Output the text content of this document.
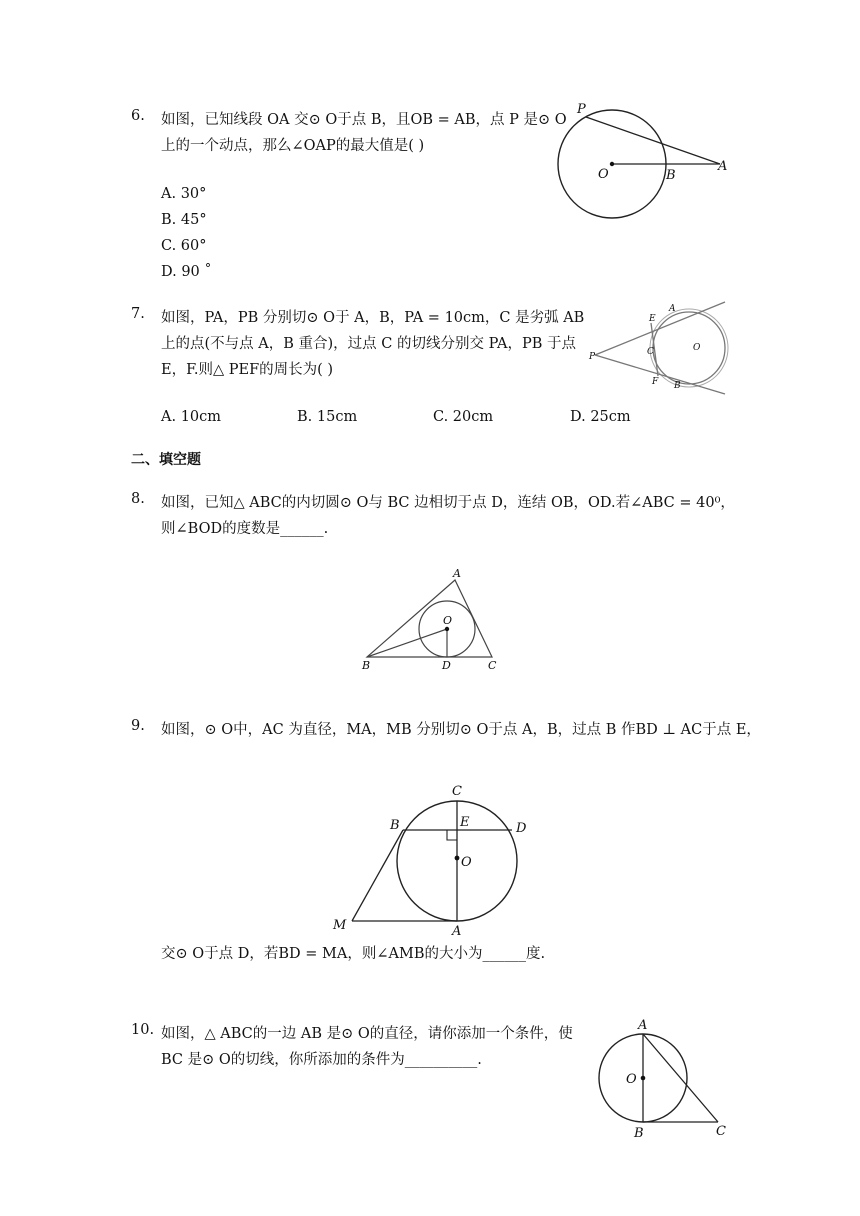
6. 如图，已知线段 OA 交⊙ O于点 B，且OB = AB，点 P 是⊙ O
上的一个动点，那么∠OAP的最大值是( )
A. 30°
B. 45°
C. 60°
D. 90 ˚
P
O	B
A
7. 如图，PA，PB 分别切⊙ O于 A，B，PA = 10cm，C 是劣弧 AB
上的点(不与点 A，B 重合)，过点 C 的切线分别交 PA，PB 于点
E，F.则△ PEF的周长为( )
A. 10cm	B. 15cm	C. 20cm	D. 25cm
P
E
A
C	O
F B
二、填空题
8. 如图，已知△ ABC的内切圆⊙ O与 BC 边相切于点 D，连结 OB，OD.若∠ABC = 40⁰，
则∠BOD的度数是______.
A
O
B	D	C
9. 如图，⊙ O中，AC 为直径，MA，MB 分别切⊙ O于点 A，B，过点 B 作BD ⊥ AC于点 E，
C
B	E	D
O
M	A
交⊙ O于点 D，若BD = MA，则∠AMB的大小为______度.
10. 如图，△ ABC的一边 AB 是⊙ O的直径，请你添加一个条件，使
BC 是⊙ O的切线，你所添加的条件为__________.
A
O
B	C
